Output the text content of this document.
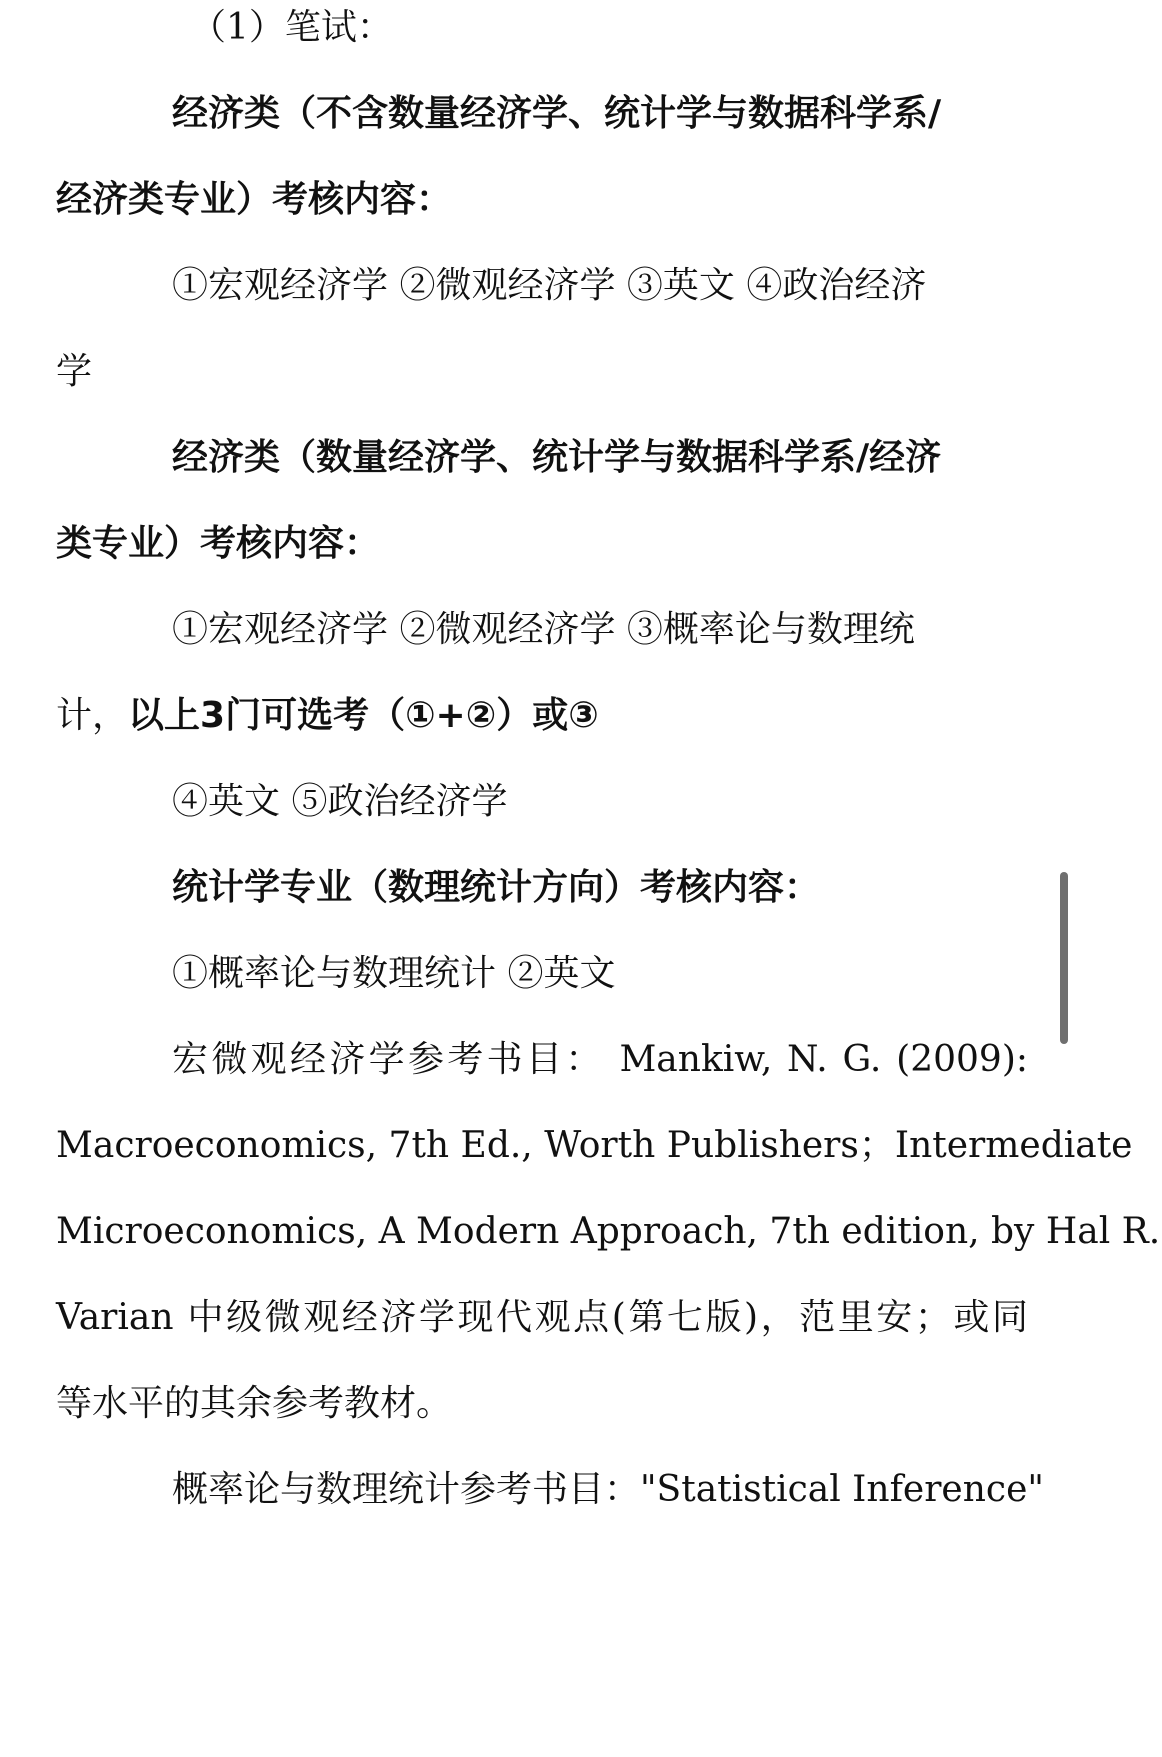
（1）笔试：
经济类（不含数量经济学、统计学与数据科学系/
经济类专业）考核内容：
①宏观经济学 ②微观经济学 ③英文 ④政治经济
学
经济类（数量经济学、统计学与数据科学系/经济
类专业）考核内容：
①宏观经济学 ②微观经济学 ③概率论与数理统
计，以上3门可选考（①+②）或③
④英文 ⑤政治经济学
统计学专业（数理统计方向）考核内容：
①概率论与数理统计 ②英文
宏微观经济学参考书目： Mankiw, N. G. (2009):
Macroeconomics, 7th Ed., Worth Publishers；Intermediate
Microeconomics, A Modern Approach, 7th edition, by Hal R.
Varian 中级微观经济学现代观点(第七版)，范里安；或同
等水平的其余参考教材。
概率论与数理统计参考书目："Statistical Inference"
